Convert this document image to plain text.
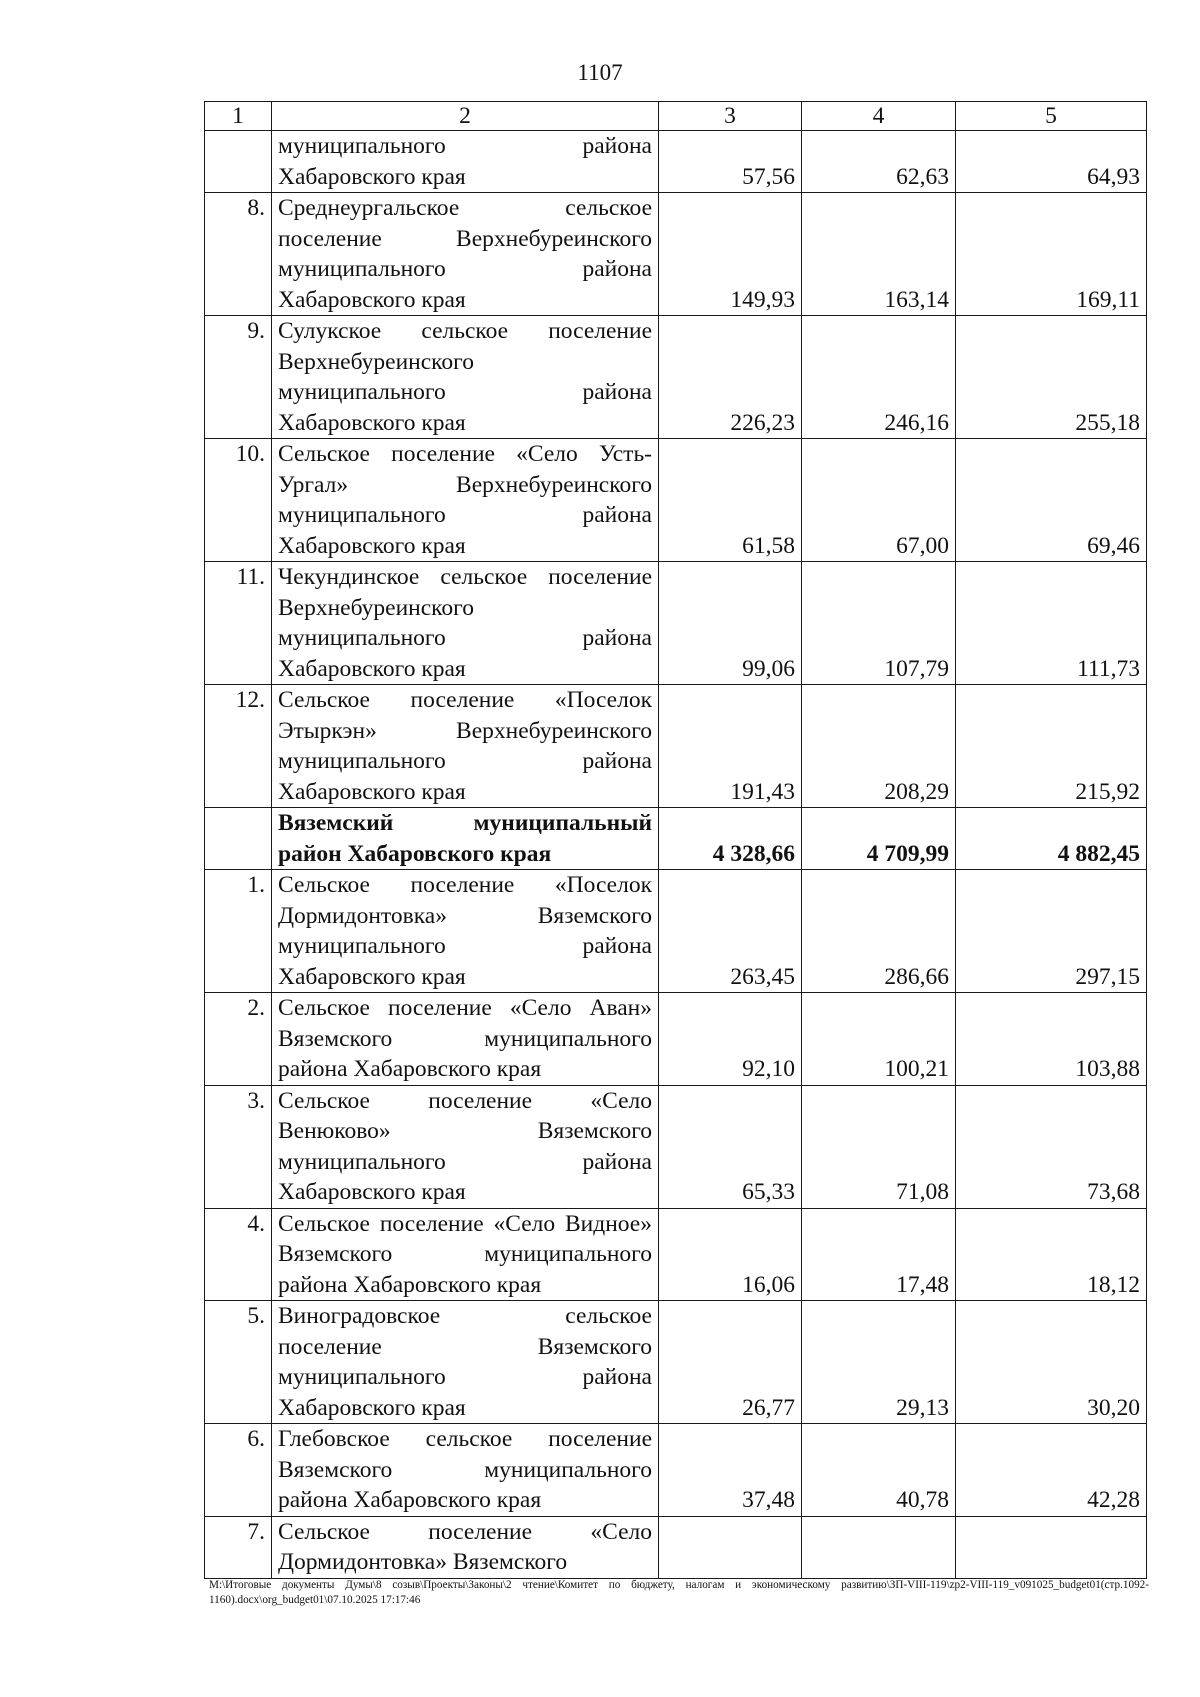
1107
1	2	3	4	5

	муниципального района
Хабаровского края	57,56	62,63	64,93
8.	Среднеургальское сельское
поселение Верхнебуреинского
муниципального района
Хабаровского края	149,93	163,14	169,11
9.	Сулукское сельское поселение
Верхнебуреинского
муниципального района
Хабаровского края	226,23	246,16	255,18
10.	Сельское поселение «Село Усть-
Ургал» Верхнебуреинского
муниципального района
Хабаровского края	61,58	67,00	69,46
11.	Чекундинское сельское поселение
Верхнебуреинского
муниципального района
Хабаровского края	99,06	107,79	111,73
12.	Сельское поселение «Поселок
Этыркэн» Верхнебуреинского
муниципального района
Хабаровского края	191,43	208,29	215,92

	Вяземский муниципальный
район Хабаровского края	4 328,66	4 709,99	4 882,45
1.	Сельское поселение «Поселок
Дормидонтовка» Вяземского
муниципального района
Хабаровского края	263,45	286,66	297,15
2.	Сельское поселение «Село Аван»
Вяземского муниципального
района Хабаровского края	92,10	100,21	103,88
3.	Сельское поселение «Село
Венюково» Вяземского
муниципального района
Хабаровского края	65,33	71,08	73,68
4.	Сельское поселение «Село Видное»
Вяземского муниципального
района Хабаровского края	16,06	17,48	18,12
5.	Виноградовское сельское
поселение Вяземского
муниципального района
Хабаровского края	26,77	29,13	30,20
6.	Глебовское сельское поселение
Вяземского муниципального
района Хабаровского края	37,48	40,78	42,28
7.	Сельское поселение «Село
Дормидонтовка» Вяземского			

M:\Итоговые документы Думы\8 созыв\Проекты\Законы\2 чтение\Комитет по бюджету, налогам и экономическому развитию\ЗП-VIII-119\zp2-VIII-119_v091025_budget01(стр.1092-1160).docx\org_budget01\07.10.2025 17:17:46
